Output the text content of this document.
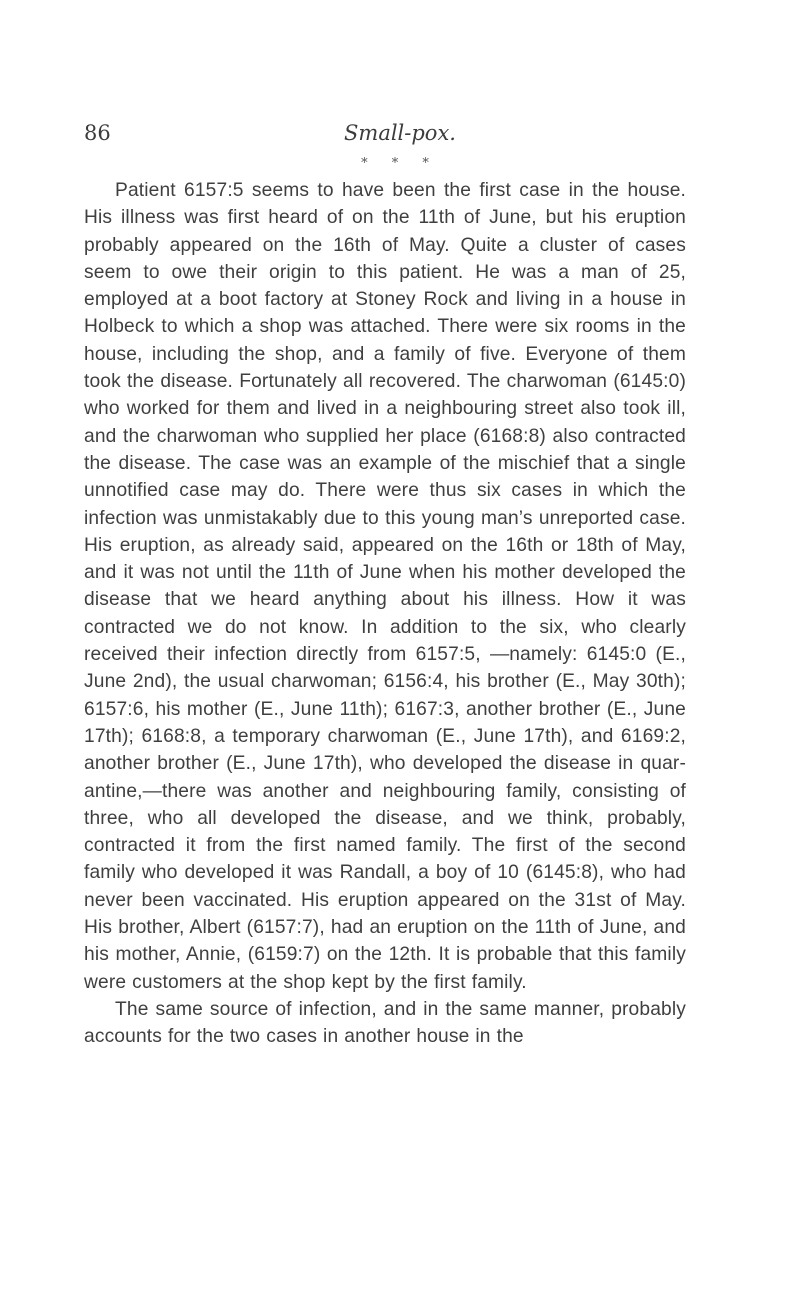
86	Small-pox.
* * *

Patient 6157:5 seems to have been the first case in the house. His illness was first heard of on the 11th of June, but his eruption probably appeared on the 16th of May. Quite a cluster of cases seem to owe their origin to this patient. He was a man of 25, employed at a boot factory at Stoney Rock and living in a house in Holbeck to which a shop was attached. There were six rooms in the house, including the shop, and a family of five. Everyone of them took the disease. Fortunately all recovered. The charwoman (6145:0) who worked for them and lived in a neighbouring street also took ill, and the charwoman who supplied her place (6168:8) also contracted the disease. The case was an example of the mischief that a single unnotified case may do. There were thus six cases in which the infection was unmistakably due to this young man’s unreported case. His eruption, as already said, appeared on the 16th or 18th of May, and it was not until the 11th of June when his mother developed the disease that we heard anything about his illness. How it was contracted we do not know. In addition to the six, who clearly received their infection directly from 6157:5, —namely: 6145:0 (E., June 2nd), the usual charwoman; 6156:4, his brother (E., May 30th); 6157:6, his mother (E., June 11th); 6167:3, another brother (E., June 17th); 6168:8, a temporary charwoman (E., June 17th), and 6169:2, another brother (E., June 17th), who developed the disease in quar-antine,—there was another and neighbouring family, consisting of three, who all developed the disease, and we think, probably, contracted it from the first named family. The first of the second family who developed it was Randall, a boy of 10 (6145:8), who had never been vaccinated. His eruption appeared on the 31st of May. His brother, Albert (6157:7), had an eruption on the 11th of June, and his mother, Annie, (6159:7) on the 12th. It is probable that this family were customers at the shop kept by the first family.

The same source of infection, and in the same manner, probably accounts for the two cases in another house in the
